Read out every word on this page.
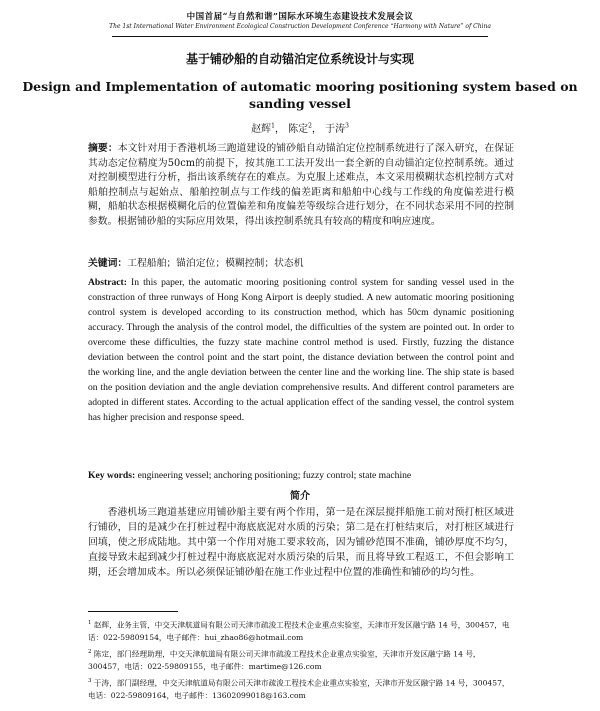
中国首届“与自然和谐”国际水环境生态建设技术发展会议
The 1st International Water Environment Ecological Construction Development Conference “Harmony with Nature” of China
基于铺砂船的自动锚泊定位系统设计与实现
Design and Implementation of automatic mooring positioning system based on sanding vessel
赵辉$^1$， 陈定$^2$， 于涛$^3$
摘要：本文针对用于香港机场三跑道建设的铺砂船自动锚泊定位控制系统进行了深入研究，在保证其动态定位精度为50cm的前提下，按其施工工法开发出一套全新的自动锚泊定位控制系统。通过对控制模型进行分析，指出该系统存在的难点。为克服上述难点，本文采用模糊状态机控制方式对船舶控制点与起始点、船舶控制点与工作线的偏差距离和船舶中心线与工作线的角度偏差进行模糊，船舶状态根据模糊化后的位置偏差和角度偏差等级综合进行划分，在不同状态采用不同的控制参数。根据铺砂船的实际应用效果，得出该控制系统具有较高的精度和响应速度。
关键词：工程船舶；锚泊定位；模糊控制；状态机
Abstract: In this paper, the automatic mooring positioning control system for sanding vessel used in the constraction of three runways of Hong Kong Airport is deeply studied. A new automatic mooring positioning control system is developed according to its construction method, which has 50cm dynamic positioning accuracy. Through the analysis of the control model, the difficulties of the system are pointed out. In order to overcome these difficulties, the fuzzy state machine control method is used. Firstly, fuzzing the distance deviation between the control point and the start point, the distance deviation between the control point and the working line, and the angle deviation between the center line and the working line. The ship state is based on the position deviation and the angle deviation comprehensive results. And different control parameters are adopted in different states. According to the actual application effect of the sanding vessel, the control system has higher precision and response speed.
Key words: engineering vessel; anchoring positioning; fuzzy control; state machine
简介
香港机场三跑道基建应用铺砂船主要有两个作用，第一是在深层搅拌船施工前对预打桩区域进行铺砂，目的是减少在打桩过程中海底底泥对水质的污染；第二是在打桩结束后，对打桩区域进行回填，使之形成陆地。其中第一个作用对施工要求较高，因为铺砂范围不准确，铺砂厚度不均匀，直接导致未起到减少打桩过程中海底底泥对水质污染的后果，而且将导致工程返工，不但会影响工期，还会增加成本。所以必须保证铺砂船在施工作业过程中位置的准确性和铺砂的均匀性。
$^1$ 赵辉，业务主管，中交天津航道局有限公司天津市疏浚工程技术企业重点实验室，天津市开发区融宁路 14 号，300457，电话：022-59809154，电子邮件：hui_zhao86@hotmail.com
$^2$ 陈定，部门经理助理，中交天津航道局有限公司天津市疏浚工程技术企业重点实验室，天津市开发区融宁路 14 号，300457，电话：022-59809155，电子邮件：martime@126.com
$^3$ 于涛，部门副经理，中交天津航道局有限公司天津市疏浚工程技术企业重点实验室，天津市开发区融宁路 14 号，300457，电话：022-59809164，电子邮件：13602099018@163.com
